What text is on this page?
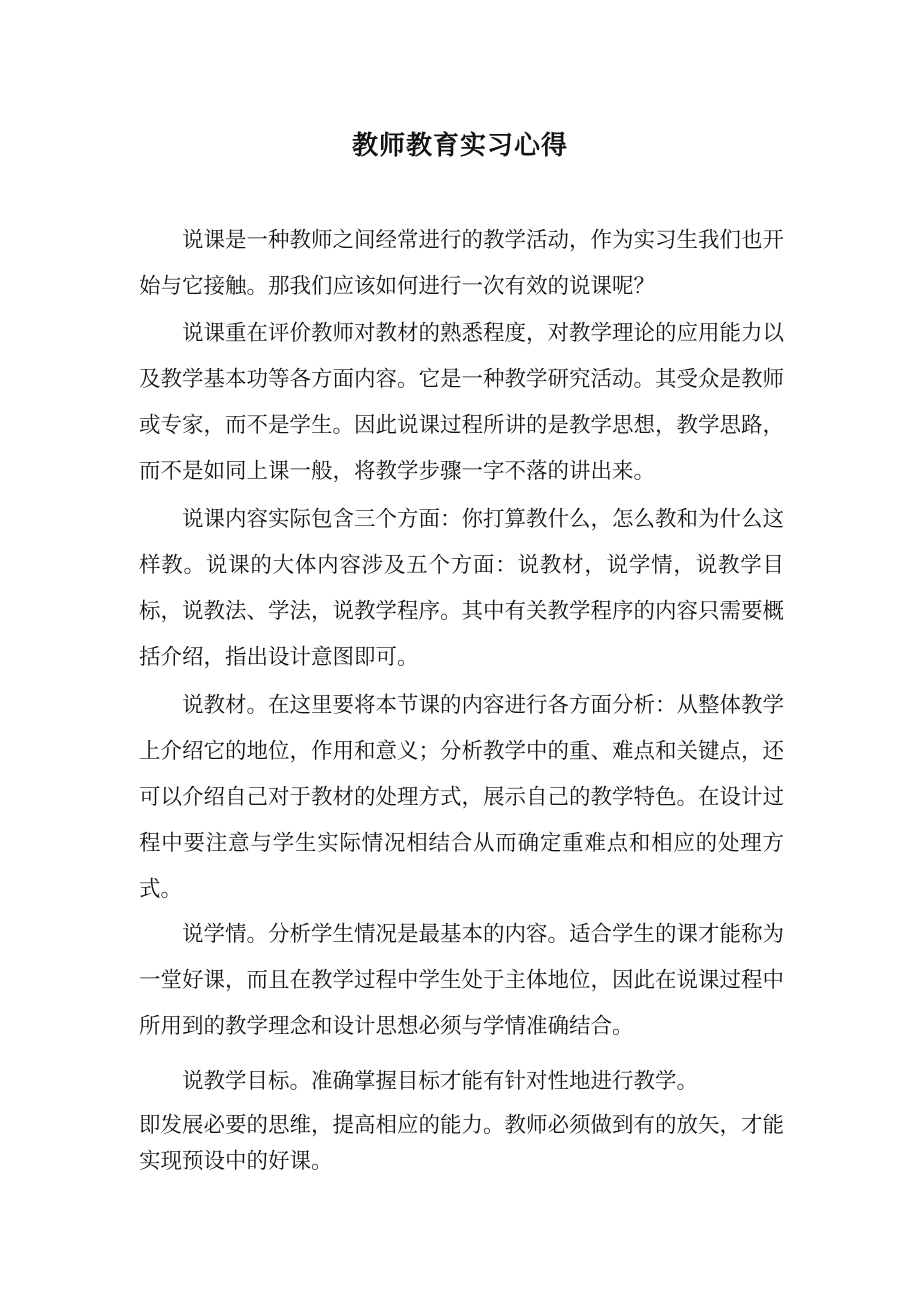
教师教育实习心得

说课是一种教师之间经常进行的教学活动，作为实习生我们也开始与它接触。那我们应该如何进行一次有效的说课呢？

说课重在评价教师对教材的熟悉程度，对教学理论的应用能力以及教学基本功等各方面内容。它是一种教学研究活动。其受众是教师或专家，而不是学生。因此说课过程所讲的是教学思想，教学思路，而不是如同上课一般，将教学步骤一字不落的讲出来。

说课内容实际包含三个方面：你打算教什么，怎么教和为什么这样教。说课的大体内容涉及五个方面：说教材，说学情，说教学目标，说教法、学法，说教学程序。其中有关教学程序的内容只需要概括介绍，指出设计意图即可。

说教材。在这里要将本节课的内容进行各方面分析：从整体教学上介绍它的地位，作用和意义；分析教学中的重、难点和关键点，还可以介绍自己对于教材的处理方式，展示自己的教学特色。在设计过程中要注意与学生实际情况相结合从而确定重难点和相应的处理方式。

说学情。分析学生情况是最基本的内容。适合学生的课才能称为一堂好课，而且在教学过程中学生处于主体地位，因此在说课过程中所用到的教学理念和设计思想必须与学情准确结合。

说教学目标。准确掌握目标才能有针对性地进行教学。

即发展必要的思维，提高相应的能力。教师必须做到有的放矢，才能实现预设中的好课。
